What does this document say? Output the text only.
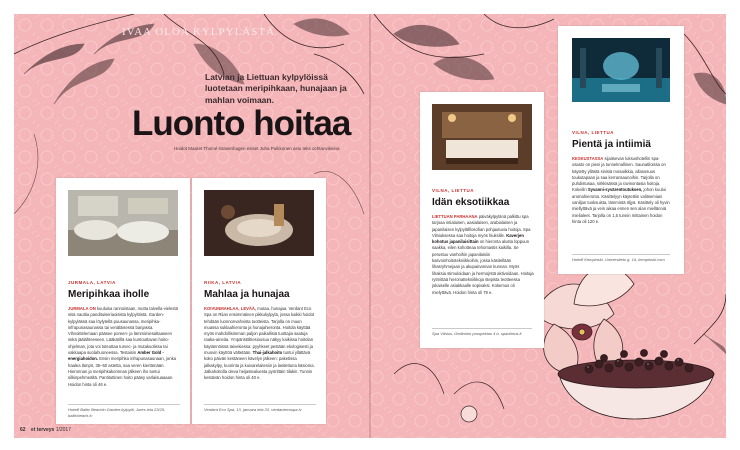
IVAA OLOA KYLPYLÄSTÄ
Latvian ja Liettuan kylpylöissä luotetaan meripihkaan, hunajaan ja mahlan voimaan.
Luonto hoitaa
Hoidot Maaret Thomé-Stavenhagen esiset Juha Puikkonen asiu teks ochtanvikeina
JURMALA, LATVIA
Meripihkaa iholle
JURMALA ON kuuluisa rannoistaan, mutta talvella-vielestä sisä nauttia pandituiseriaoisista kylpylöistä. Garden-kylpylässä saa löylytellä puusaunassa, meripihka-infrapunasaunassa tai venäläisessä banjassa. Vihvoittelemaan pääsee poreen- ja lämmimiesaltaaseen sekä jäälähteeseen. Lääkärillä saa kuntouttavan hoito-ohjelman, jota voi toteuttaa turvec- ja mutakuolissa tai vakkaapa suolahuoneessa. Testaisin Amber Gold -energiahoidon. Ensin meripihka infrapunasaunaan, jonka haalea lämpö, 35–50 astetta, saa veren kiertämään. Hieronnan ja meripihkakorinnan jälkeen iho tuntui silkinpehmeältä. Pantituttinen hoito pääsy varlaisuaaaan. Hoidon hinta oli 46 e.
Hotelli Baltic Beachin Garden-kylpylä, Jures iela 23/25, balticbeach.lv
RIIKA, LATVIA
Mahlaa ja hunajaa
KOIVUNMAHLAA, LEVÄÄ, mutaa, hunajaa. Verdant Eco Spa on Riian ensimmäinen pikkukylpylä, jossa kaikki hoidot tehdään luonnonvahvista tuotteista. Tarjolla on muun muassa suklaahieronta ja hunajahieronta. Hoitola käyttää myös mahdollisimman paljon paikallisiä tuottajia saatuja raaka-aineita. Ympäristöltiesiousuu näkyy kaikissa hoitolan käytännöissä taivekiessa: pyyhkeet pestään ekologisesti ja muovin käyttöä vältetään. Thai-jalkahoito tuntui yllättävä koko päivän kestäneen kävelyn jälkeen: paketissa jalkakylpy, kuorinta ja kuivarelaitesiin ja lasitettuna käsioma. Jalkahoitolla oleva heijastealuesta pyörittäin tilakin. Tunnin kestävän hoidon hinta oli 40 e.
Verdant Eco Spa, 13. janvara iela 33, verdantecospa.lv
VILNA, LIETTUA
Idän eksotiikkaa
LIETTUAN PARHAANA päiväkylpylänä palkittu spa tarjoaa intialaisen, aasialaisen, arabialaisen ja japanilaisen kylpyläfilosofian pohjautuvia hoitoja. Spa Vilniuksessa saa hoitoja myös hiuksille. Kaverjen kohotus japanilaisittain on hieronta alusta loppuun saakka, eilen kohotteaa tehomastis kaikilla. Se perustuu vanhoihin japanilaisiin kasvoinhoitotekniikkoihin, jossa käsitellään lihasryhmejaan ja akupainannan kunnan. Myös lihaksia stimuloidaan ja hermojrstä aktivoidaan. Hoitaja rytmittää hieronattekniikkoja stepista teotteessa jokaiselle asiakkaalle sopivaksi. Kokemus oli mielyttävä. Hoidon hinta oli 79 e.
Spa Vilnius, Gedimino prospektas 4 b, spavilnius.lt
VILNA, LIETTUA
Pientä ja intiimiä
KESKUSTASSA sijaitsevan luksushotellin spa-osasto on pieni ja tunnelmallinen. Saunatiloissa on käytetty yllästä sinisiä mosaiikkia, allasosuus toukutapaan ja saa kerransaunoihin. Tarjolla on puhdistusaa, sirkkisässä ja ravinontasia hoitoja. Kokeilin Syvanni-syvärentoutuksen, johon kuului aromahieronta. Käsittelyyn käytettiin valitsemiani vaniljan tuoksuista, lämmintä öljyä. Käsittely oli hyvin miellyttävä ja vein aikaa ennen sen alan miellänniä mielialeet. Tarjolla on 1,5 tunnin mittainen hoidon hinta oli 120 e.
Hotelli Kempinski, Universiteto g. 14, kempinski.com
62 et terveys 1/2017
